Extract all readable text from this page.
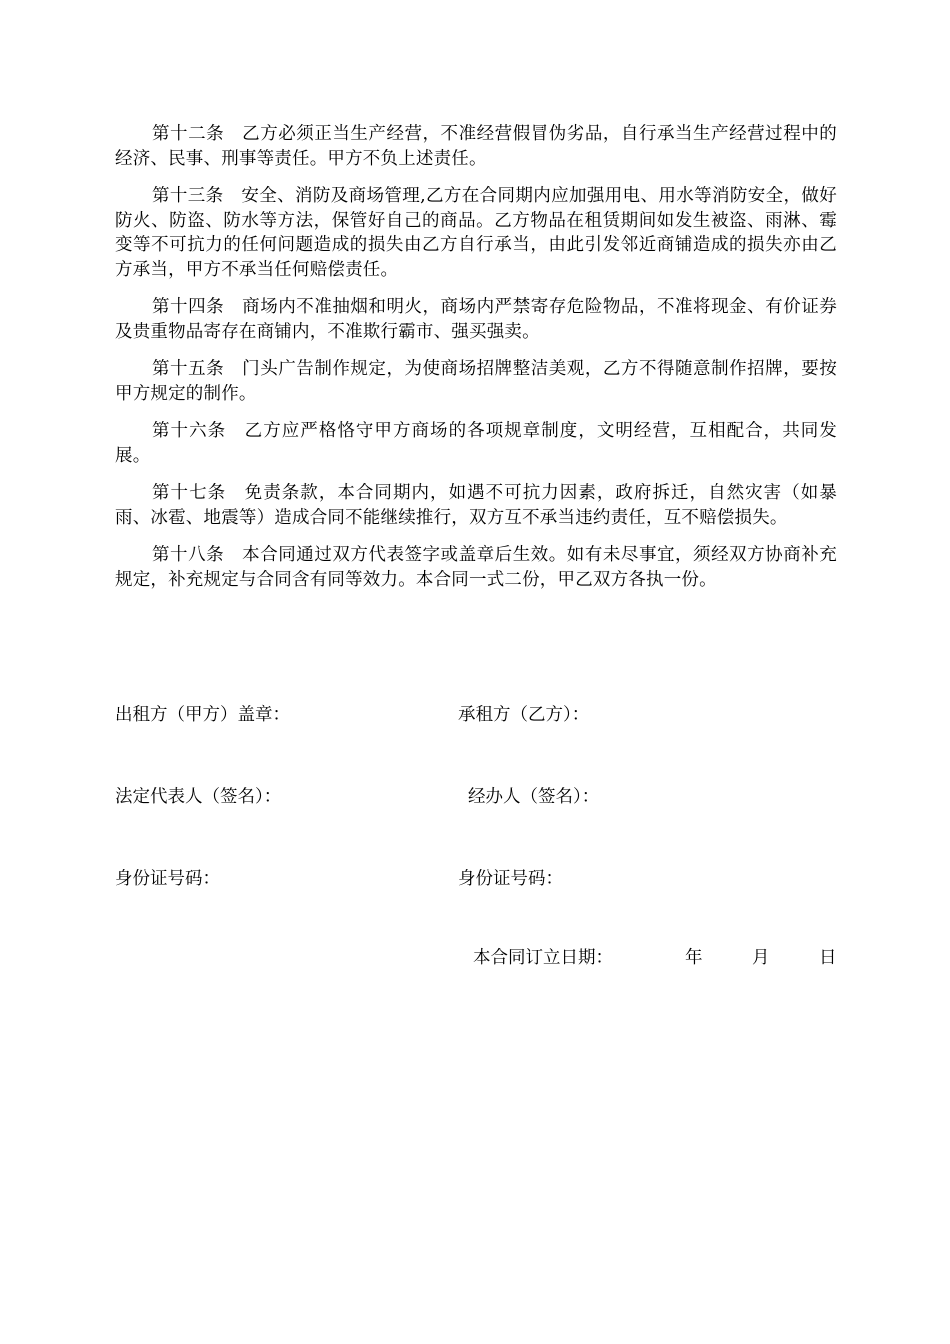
第十二条　乙方必须正当生产经营，不准经营假冒伪劣品，自行承当生产经营过程中的经济、民事、刑事等责任。甲方不负上述责任。

第十三条　安全、消防及商场管理,乙方在合同期内应加强用电、用水等消防安全，做好防火、防盗、防水等方法，保管好自己的商品。乙方物品在租赁期间如发生被盗、雨淋、霉变等不可抗力的任何问题造成的损失由乙方自行承当，由此引发邻近商铺造成的损失亦由乙方承当，甲方不承当任何赔偿责任。

第十四条　商场内不准抽烟和明火，商场内严禁寄存危险物品，不准将现金、有价证券及贵重物品寄存在商铺内，不准欺行霸市、强买强卖。

第十五条　门头广告制作规定，为使商场招牌整洁美观，乙方不得随意制作招牌，要按甲方规定的制作。

第十六条　乙方应严格恪守甲方商场的各项规章制度，文明经营，互相配合，共同发展。

第十七条　免责条款，本合同期内，如遇不可抗力因素，政府拆迁，自然灾害（如暴雨、冰雹、地震等）造成合同不能继续推行，双方互不承当违约责任，互不赔偿损失。

第十八条　本合同通过双方代表签字或盖章后生效。如有未尽事宜，须经双方协商补充规定，补充规定与合同含有同等效力。本合同一式二份，甲乙双方各执一份。

出租方（甲方）盖章：	承租方（乙方）：
法定代表人（签名）：	经办人（签名）：
身份证号码：	身份证号码：
本合同订立日期：	年	月	日
